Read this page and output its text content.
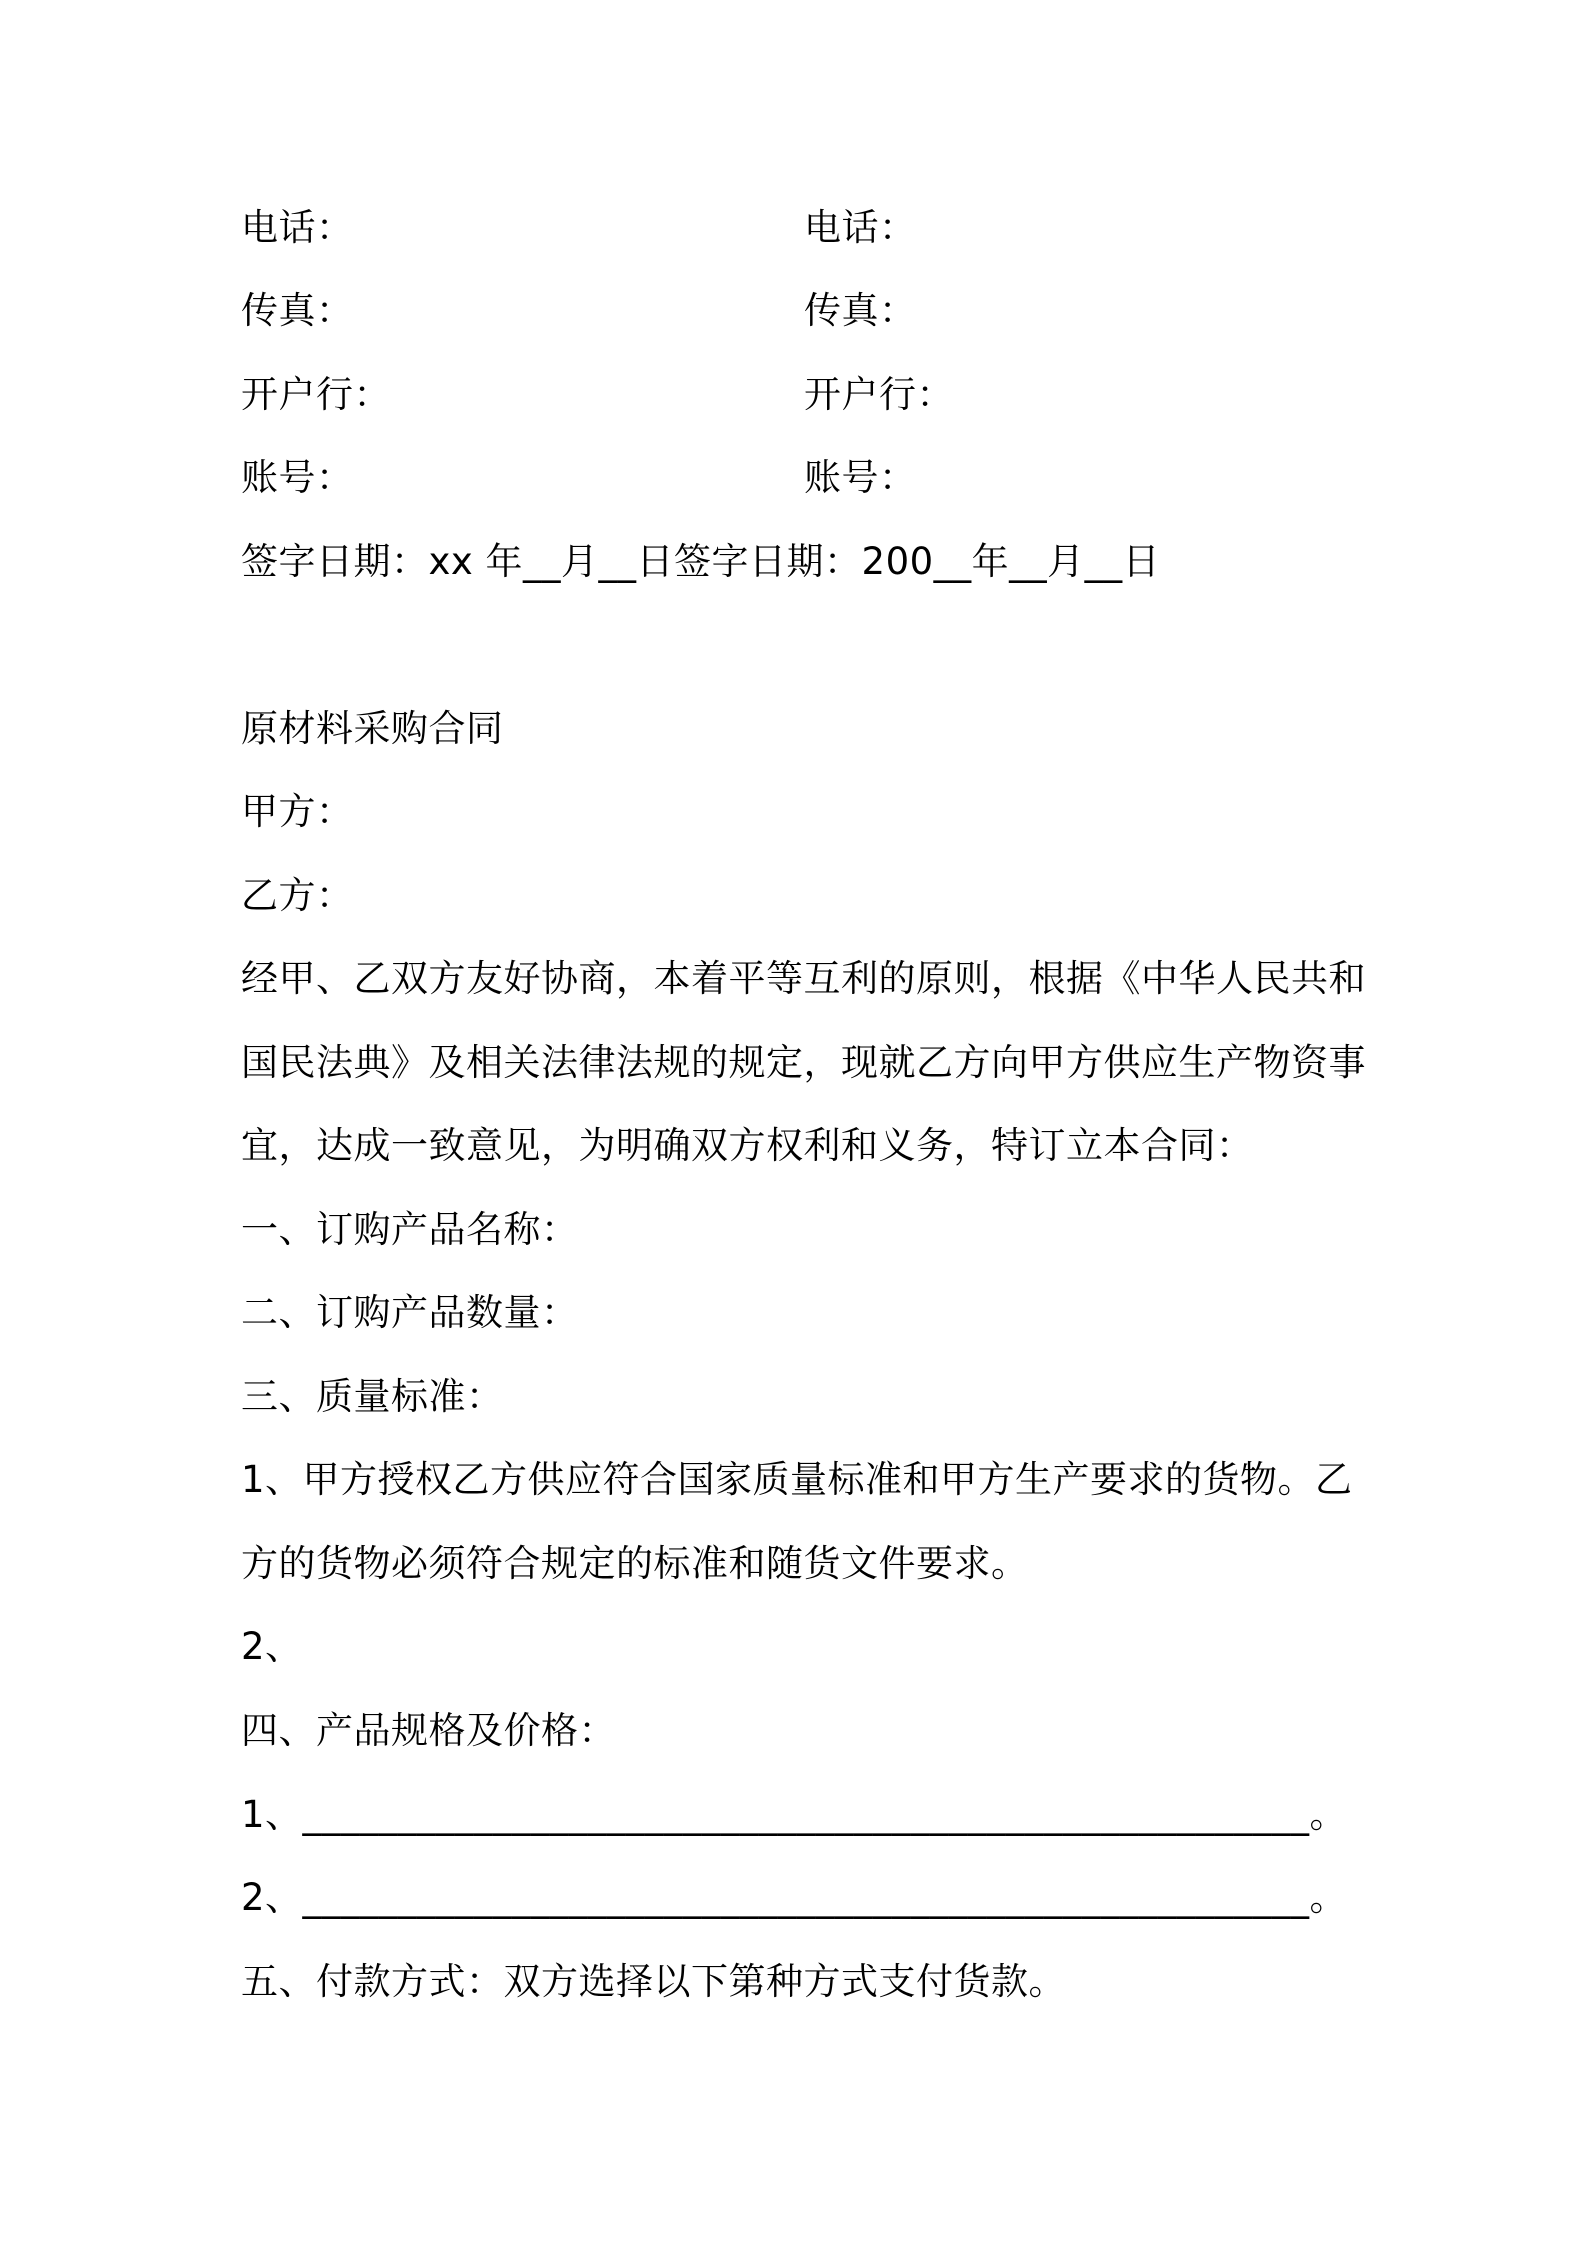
电话：	电话：
传真：	传真：
开户行：	开户行：
账号：	账号：
签字日期：xx 年__月__日签字日期：200__年__月__日
原材料采购合同
甲方：
乙方：
经甲、乙双方友好协商，本着平等互利的原则，根据《中华人民共和
国民法典》及相关法律法规的规定，现就乙方向甲方供应生产物资事
宜，达成一致意见，为明确双方权利和义务，特订立本合同：
一、订购产品名称：
二、订购产品数量：
三、质量标准：
1、甲方授权乙方供应符合国家质量标准和甲方生产要求的货物。乙
方的货物必须符合规定的标准和随货文件要求。
2、
四、产品规格及价格：
1、_____________________________________________________。
2、_____________________________________________________。
五、付款方式：双方选择以下第种方式支付货款。
